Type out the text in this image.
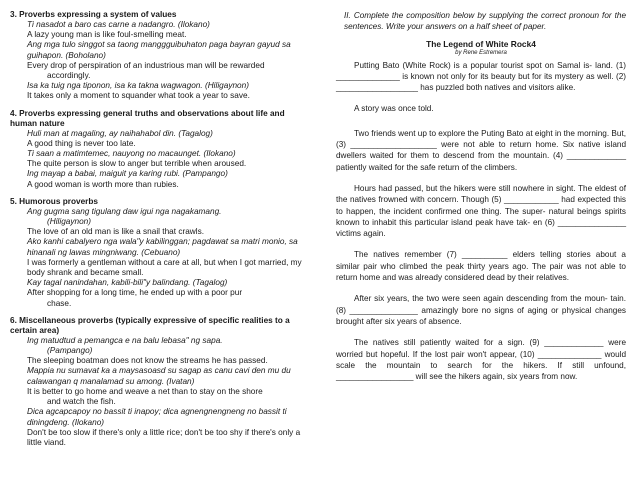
3. Proverbs expressing a system of values
Ti nasadot a baro cas carne a nadangro. (Ilokano)
A lazy young man is like foul-smelling meat.
Ang mga tulo singgot sa taong manggguibuhaton paga bayran gayud sa guihapon. (Boholano)
Every drop of perspiration of an industrious man will be rewarded
accordingly.
Isa ka tuig nga tiponon, isa ka takna wagwagon. (Hiligaynon)
It takes only a moment to squander what took a year to save.
4. Proverbs expressing general truths and observations about life and human nature
Huli man at magaling, ay naihahabol din. (Tagalog)
A good thing is never too late.
Ti saan a matimtemec, nauyong no macaunget. (Ilokano)
The quite person is slow to anger but terrible when aroused.
Ing mayap a babai, maiguit ya karing rubi. (Pampango)
A good woman is worth more than rubies.
5. Humorous proverbs
Ang gugma sang tigulang daw igui nga nagakamang.
(Hiligaynon)
The love of an old man is like a snail that crawls.
Ako kanhi cabalyero nga wala"y kabilinggan; pagdawat sa matri monio, sa hinanali ng lawas mingniwang. (Cebuano)
I was formerly a gentleman without a care at all, but when I got married, my body shrank and became small.
Kay tagal nanindahan, kabili-bili"y balindang. (Tagalog)
After shopping for a long time, he ended up with a poor pur
chase.
6. Miscellaneous proverbs (typically expressive of specific realities to a certain area)
Ing matudtud a pemangca e na balu lebasa" ng sapa.
(Pampango)
The sleeping boatman does not know the streams he has passed.
Mappia nu sumavat ka a maysasoasd su sagap as canu cavi den mu du calawangan q manalamad su among. (Ivatan)
It is better to go home and weave a net than to stay on the shore
and watch the fish.
Dica agcapcapoy no bassit ti inapoy; dica agnengnengneng no bassit ti diningdeng. (Ilokano)
Don't be too slow if there's only a little rice; don't be too shy if there's only a little viand.
II. Complete the composition below by supplying the correct pronoun for the sentences. Write your answers on a half sheet of paper.
The Legend of White Rock4
by Rene Estremera

Putting Bato (White Rock) is a popular tourist spot on Samal is- land. (1) ______________ is known not only for its beauty but for its mystery as well. (2) __________________ has puzzled both natives and visitors alike.

A story was once told.

Two friends went up to explore the Puting Bato at eight in the morning. But, (3) ___________________ were not able to return home. Six native island dwellers waited for them to descend from the mountain. (4) _____________ patiently waited for the safe return of the climbers.

Hours had passed, but the hikers were still nowhere in sight. The eldest of the natives frowned with concern. Though (5) ____________ had expected this to happen, the incident confirmed one thing. The super- natural beings spirits known to inhabit this particular island peak have tak- en (6) _______________ victims again.

The natives remember (7) __________ elders telling stories about a similar pair who climbed the peak thirty years ago. The pair was not able to return home and was already considered dead by their relatives.

After six years, the two were seen again descending from the moun- tain. (8) _______________ amazingly bore no signs of aging or physical changes brought after six years of absence.

The natives still patiently waited for a sign. (9) _____________ were worried but hopeful. If the lost pair won't appear, (10) ______________ would scale the mountain to search for the hikers. If still unfound, _________________ will see the hikers again, six years from now.
